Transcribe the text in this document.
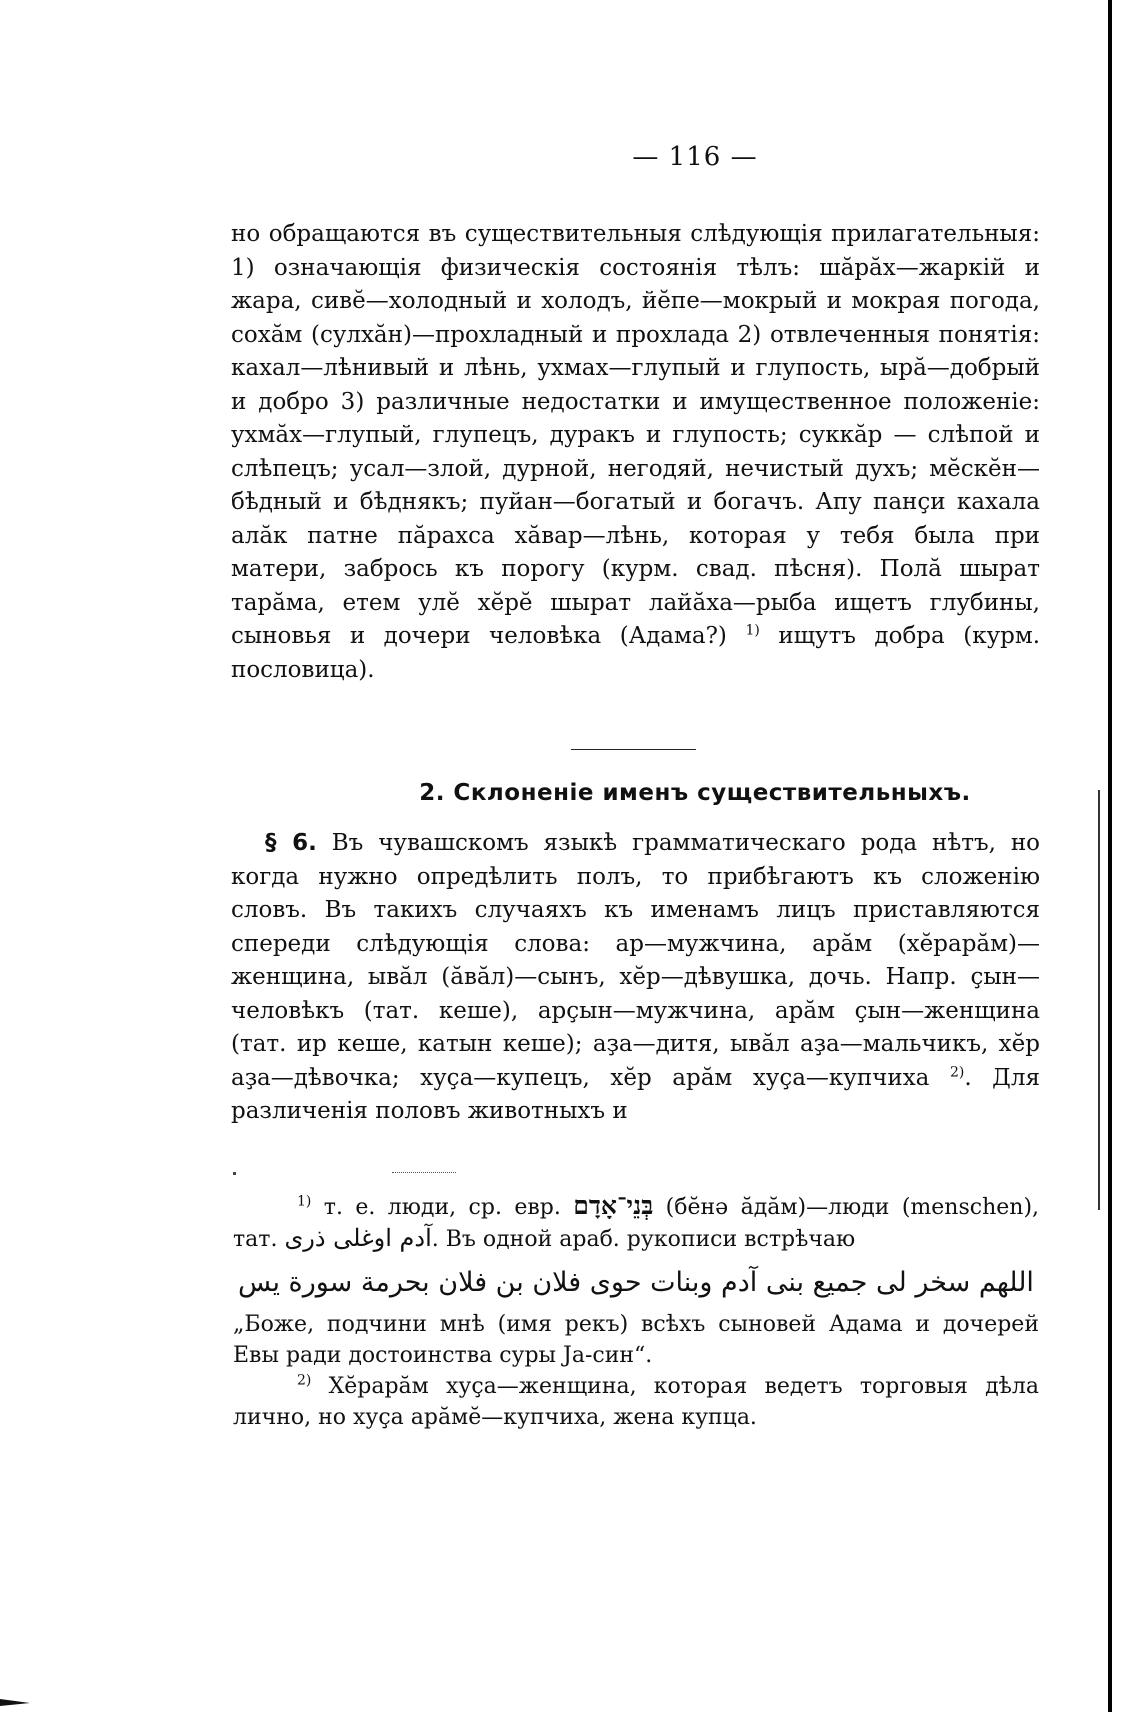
— 116 —

но обращаются въ существительныя слѣдующія прилагательныя: 1) означающія физическія состоянія тѣлъ: шăрăх—жаркій и жара, сивĕ—холодный и холодъ, йĕпе—мокрый и мокрая погода, сохăм (сулхăн)—прохладный и прохлада 2) отвлеченныя понятія: кахал—лѣнивый и лѣнь, ухмах—глупый и глупость, ырă—добрый и добро 3) различные недостатки и имущественное положеніе: ухмăх—глупый, глупецъ, дуракъ и глупость; суккăр — слѣпой и слѣпецъ; усал—злой, дурной, негодяй, нечистый духъ; мĕскĕн—бѣдный и бѣднякъ; пуйан—богатый и богачъ. Апу панҫи кахала алăк патне пăрахса хăвар—лѣнь, которая у тебя была при матери, забрось къ порогу (курм. свад. пѣсня). Полă шырат тарăма, етем улĕ хĕрĕ шырат лайăха—рыба ищетъ глубины, сыновья и дочери человѣка (Адама?) $^{1)}$ ищутъ добра (курм. пословица).

2. Склоненіе именъ существительныхъ.

§ 6. Въ чувашскомъ языкѣ грамматическаго рода нѣтъ, но когда нужно опредѣлить полъ, то прибѣгаютъ къ сложенію словъ. Въ такихъ случаяхъ къ именамъ лицъ приставляются спереди слѣдующія слова: ар—мужчина, арăм (хĕрарăм)—женщина, ывăл (ăвăл)—сынъ, хĕр—дѣвушка, дочь. Напр. ҫын—человѣкъ (тат. кеше), арҫын—мужчина, арăм ҫын—женщина (тат. ир кеше, катын кеше); аҙа—дитя, ывăл аҙа—мальчикъ, хĕр аҙа—дѣвочка; хуҫа—купецъ, хĕр арăм хуҫа—купчиха $^{2)}$. Для различенія половъ животныхъ и

$^{1)}$ т. е. люди, ср. евр. בְּנֵי־אָדָם (бĕнә ăдăм)—люди (menschen), тат. آدم اوغلی ذری. Въ одной араб. рукописи встрѣчаю

اللهم سخر لی جمیع بنی آدم وبنات حوی فلان بن فلان بحرمة سورة یس

„Боже, подчини мнѣ (имя рекъ) всѣхъ сыновей Адама и дочерей Евы ради достоинства суры Ja-син“.

$^{2)}$ Хĕрарăм хуҫа—женщина, которая ведетъ торговыя дѣла лично, но хуҫа арăмĕ—купчиха, жена купца.
